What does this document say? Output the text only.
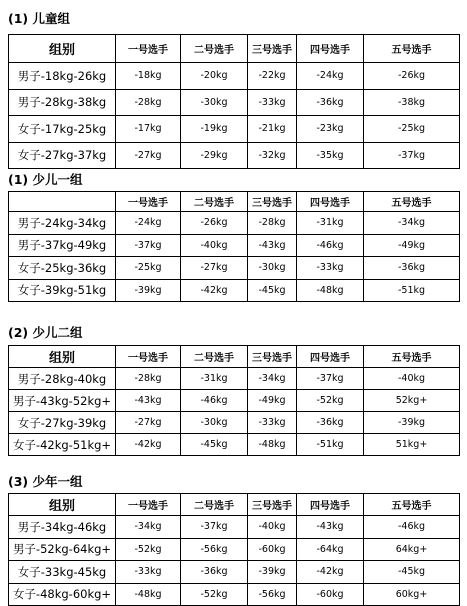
(1) 儿童组
组别	一号选手	二号选手	三号选手	四号选手	五号选手
男子-18kg-26kg	-18kg	-20kg	-22kg	-24kg	-26kg
男子-28kg-38kg	-28kg	-30kg	-33kg	-36kg	-38kg
女子-17kg-25kg	-17kg	-19kg	-21kg	-23kg	-25kg
女子-27kg-37kg	-27kg	-29kg	-32kg	-35kg	-37kg
(1) 少儿一组
	一号选手	二号选手	三号选手	四号选手	五号选手
男子-24kg-34kg	-24kg	-26kg	-28kg	-31kg	-34kg
男子-37kg-49kg	-37kg	-40kg	-43kg	-46kg	-49kg
女子-25kg-36kg	-25kg	-27kg	-30kg	-33kg	-36kg
女子-39kg-51kg	-39kg	-42kg	-45kg	-48kg	-51kg
(2) 少儿二组
组别	一号选手	二号选手	三号选手	四号选手	五号选手
男子-28kg-40kg	-28kg	-31kg	-34kg	-37kg	-40kg
男子-43kg-52kg+	-43kg	-46kg	-49kg	-52kg	52kg+
女子-27kg-39kg	-27kg	-30kg	-33kg	-36kg	-39kg
女子-42kg-51kg+	-42kg	-45kg	-48kg	-51kg	51kg+
(3) 少年一组
组别	一号选手	二号选手	三号选手	四号选手	五号选手
男子-34kg-46kg	-34kg	-37kg	-40kg	-43kg	-46kg
男子-52kg-64kg+	-52kg	-56kg	-60kg	-64kg	64kg+
女子-33kg-45kg	-33kg	-36kg	-39kg	-42kg	-45kg
女子-48kg-60kg+	-48kg	-52kg	-56kg	-60kg	60kg+
